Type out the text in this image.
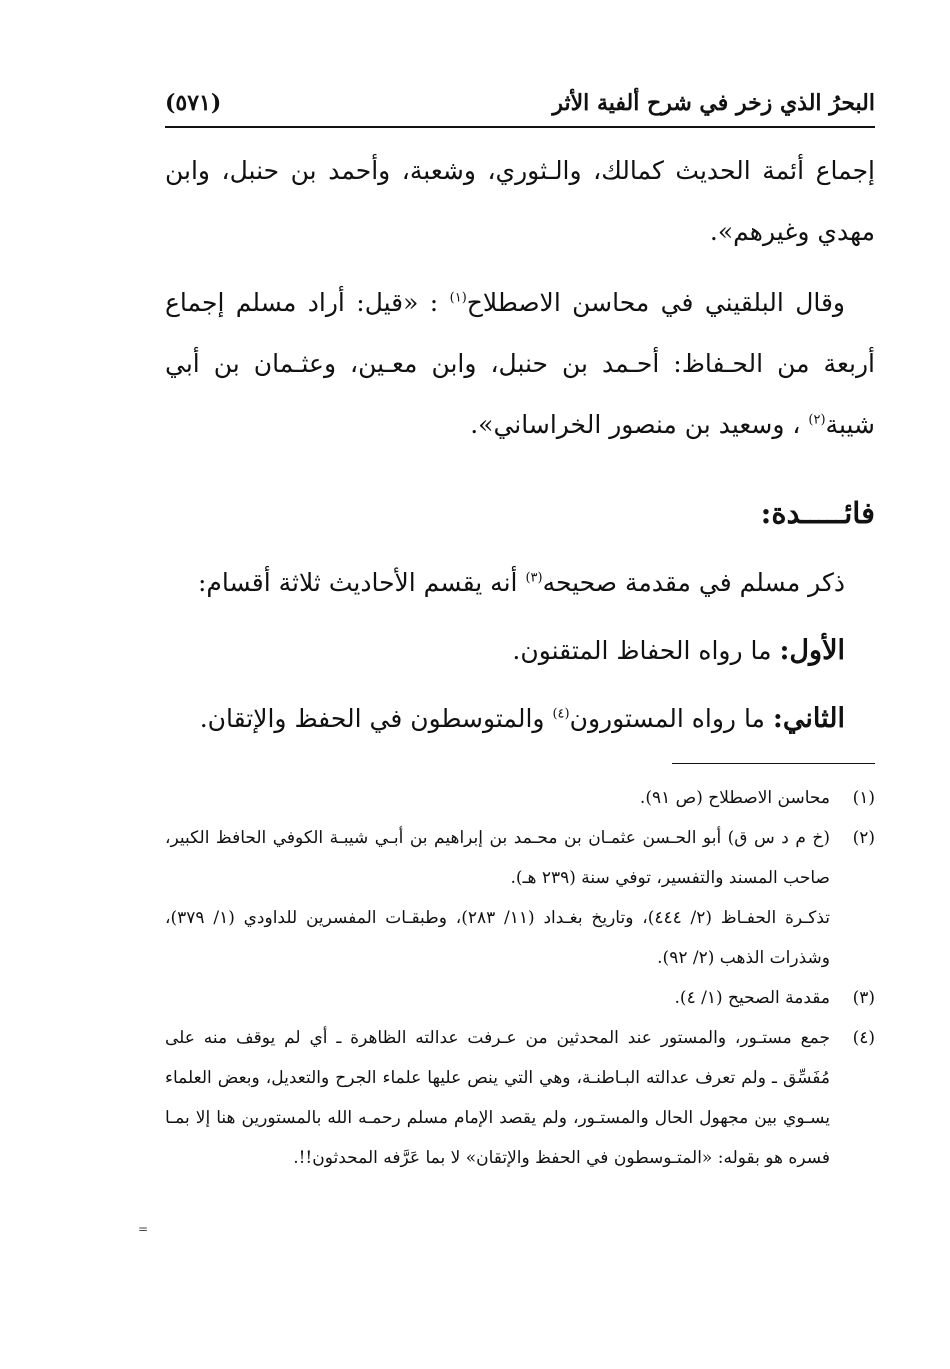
البحرُ الذي زخر في شرح ألفية الأثر
(٥٧١)

إجماع أئمة الحديث كمالك، والـثوري، وشعبة، وأحمد بن حنبل، وابن مهدي وغيرهم».

وقال البلقيني في محاسن الاصطلاح$^{(١)}$ : «قيل: أراد مسلم إجماع أربعة من الحـفاظ: أحـمد بن حنبل، وابن معـين، وعثـمان بن أبي شيبة$^{(٢)}$ ، وسعيد بن منصور الخراساني».

فائـــــدة:

ذكر مسلم في مقدمة صحيحه$^{(٣)}$ أنه يقسم الأحاديث ثلاثة أقسام:

الأول: ما رواه الحفاظ المتقنون.

الثاني: ما رواه المستورون$^{(٤)}$ والمتوسطون في الحفظ والإتقان.

(١)

محاسن الاصطلاح (ص ٩١).

(٢)

(خ م د س ق) أبو الحـسن عثمـان بن محـمد بن إبراهيم بن أبـي شيبـة الكوفي الحافظ الكبير، صاحب المسند والتفسير، توفي سنة (٢٣٩ هـ).

تذكـرة الحفـاظ (٢/ ٤٤٤)، وتاريخ بغـداد (١١/ ٢٨٣)، وطبقـات المفسرين للداودي (١/ ٣٧٩)، وشذرات الذهب (٢/ ٩٢).

(٣)

مقدمة الصحيح (١/ ٤).

(٤)

جمع مستـور، والمستور عند المحدثين من عـرفت عدالته الظاهرة ـ أي لم يوقف منه على مُفَسِّق ـ ولم تعرف عدالته البـاطنـة، وهي التي ينص عليها علماء الجرح والتعديل، وبعض العلماء يسـوي بين مجهول الحال والمستـور، ولم يقصد الإمام مسلم رحمـه الله بالمستورين هنا إلا بمـا فسره هو بقوله: «المتـوسطون في الحفظ والإتقان» لا بما عَرَّفه المحدثون!!.

=
